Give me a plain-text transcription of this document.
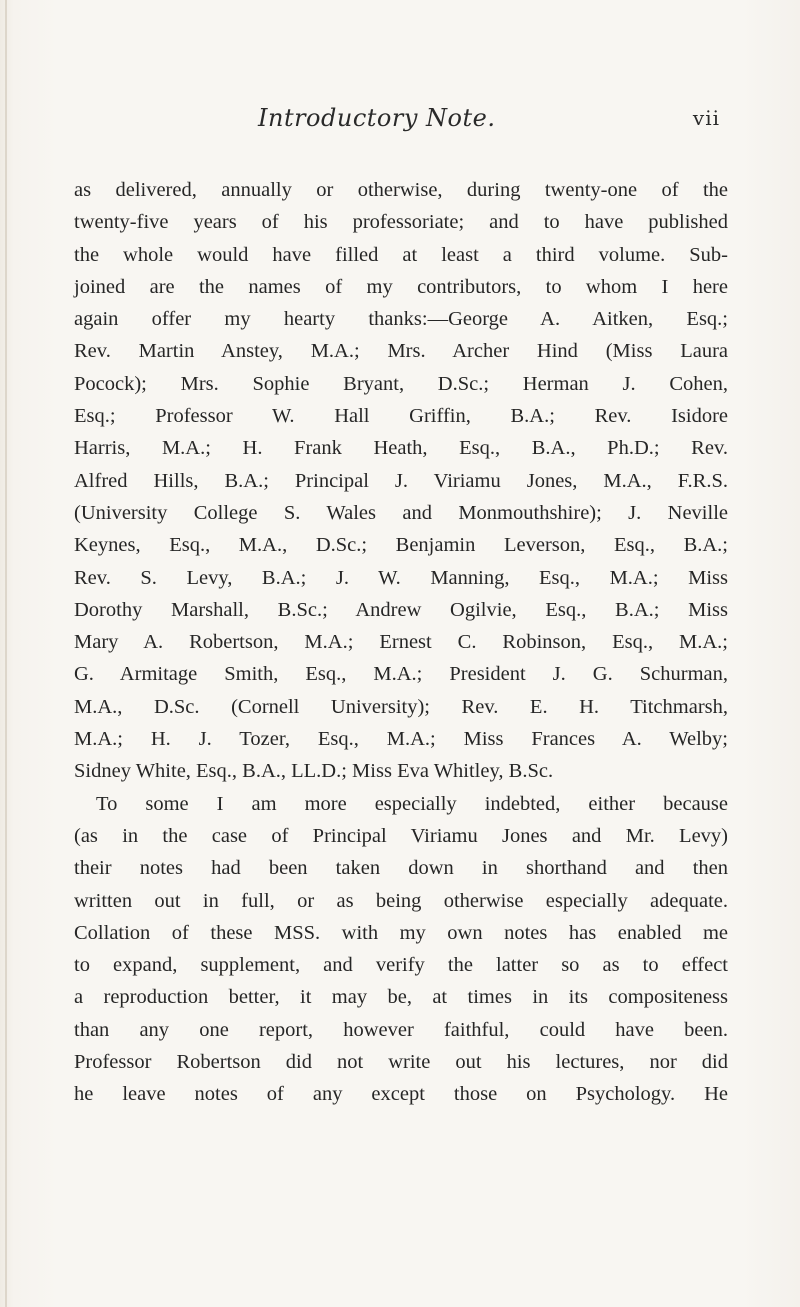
Introductory Note.	vii
as delivered, annually or otherwise, during twenty-one of the
twenty-five years of his professoriate; and to have published
the whole would have filled at least a third volume. Sub-
joined are the names of my contributors, to whom I here
again offer my hearty thanks:—George A. Aitken, Esq.;
Rev. Martin Anstey, M.A.; Mrs. Archer Hind (Miss Laura
Pocock); Mrs. Sophie Bryant, D.Sc.; Herman J. Cohen,
Esq.; Professor W. Hall Griffin, B.A.; Rev. Isidore
Harris, M.A.; H. Frank Heath, Esq., B.A., Ph.D.; Rev.
Alfred Hills, B.A.; Principal J. Viriamu Jones, M.A., F.R.S.
(University College S. Wales and Monmouthshire); J. Neville
Keynes, Esq., M.A., D.Sc.; Benjamin Leverson, Esq., B.A.;
Rev. S. Levy, B.A.; J. W. Manning, Esq., M.A.; Miss
Dorothy Marshall, B.Sc.; Andrew Ogilvie, Esq., B.A.; Miss
Mary A. Robertson, M.A.; Ernest C. Robinson, Esq., M.A.;
G. Armitage Smith, Esq., M.A.; President J. G. Schurman,
M.A., D.Sc. (Cornell University); Rev. E. H. Titchmarsh,
M.A.; H. J. Tozer, Esq., M.A.; Miss Frances A. Welby;
Sidney White, Esq., B.A., LL.D.; Miss Eva Whitley, B.Sc.
To some I am more especially indebted, either because
(as in the case of Principal Viriamu Jones and Mr. Levy)
their notes had been taken down in shorthand and then
written out in full, or as being otherwise especially adequate.
Collation of these MSS. with my own notes has enabled me
to expand, supplement, and verify the latter so as to effect
a reproduction better, it may be, at times in its compositeness
than any one report, however faithful, could have been.
Professor Robertson did not write out his lectures, nor did
he leave notes of any except those on Psychology. He
